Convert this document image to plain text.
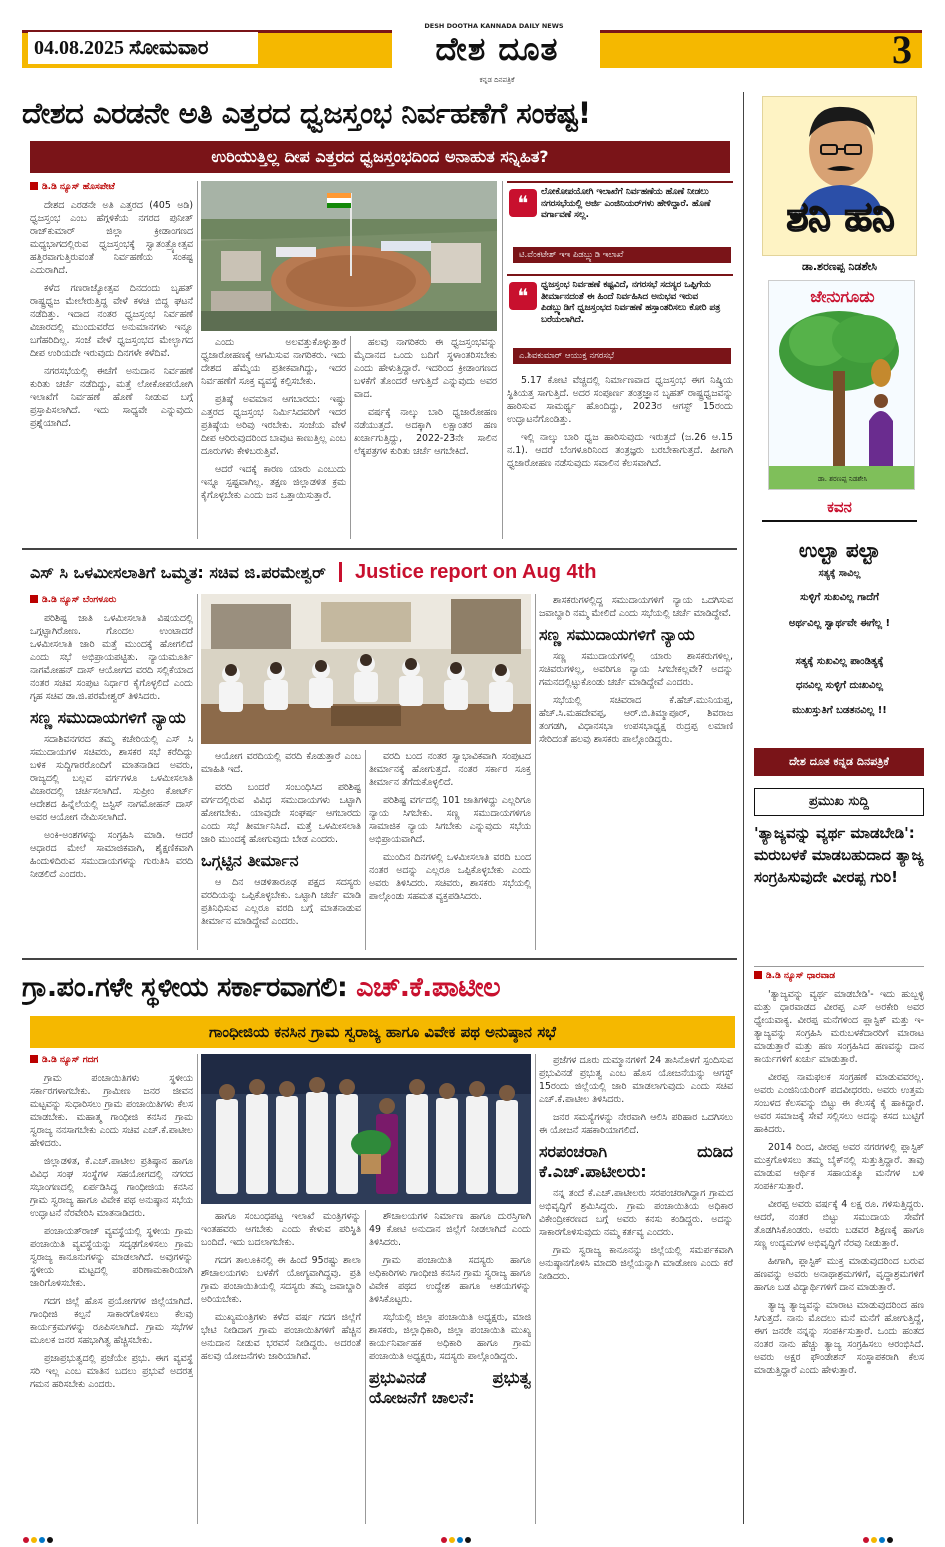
04.08.2025 ಸೋಮವಾರ
DESH DOOTHA KANNADA DAILY NEWS
ದೇಶ ದೂತ
ಕನ್ನಡ ದಿನಪತ್ರಿಕೆ
3
ದೇಶದ ಎರಡನೇ ಅತಿ ಎತ್ತರದ ಧ್ವಜಸ್ತಂಭ ನಿರ್ವಹಣೆಗೆ ಸಂಕಷ್ಟ!
ಉರಿಯುತ್ತಿಲ್ಲ ದೀಪ ಎತ್ತರದ ಧ್ವಜಸ್ತಂಭದಿಂದ ಅನಾಹುತ ಸನ್ನಿಹಿತ?

ಡಿ.ಡಿ ನ್ಯೂಸ್ ಹೊಸಪೇಟೆ

ದೇಶದ ಎರಡನೇ ಅತಿ ಎತ್ತರದ (405 ಅಡಿ) ಧ್ವಜಸ್ತಂಭ ಎಂಬ ಹೆಗ್ಗಳಿಕೆಯ ನಗರದ ಪುನೀತ್ ರಾಜ್‌ಕುಮಾರ್ ಜಿಲ್ಲಾ ಕ್ರೀಡಾಂಗಣದ ಮಧ್ಯಭಾಗದಲ್ಲಿರುವ ಧ್ವಜಸ್ತಂಭಕ್ಕೆ ಸ್ವಾತಂತ್ರ್ಯೋತ್ಸವ ಹತ್ತಿರವಾಗುತ್ತಿರುವಂತೆ ನಿರ್ವಹಣೆಯ ಸಂಕಷ್ಟ ಎದುರಾಗಿದೆ.

ಕಳೆದ ಗಣರಾಜ್ಯೋತ್ಸವ ದಿನದಂದು ಬೃಹತ್ ರಾಷ್ಟ್ರಧ್ವಜ ಮೇಲೇರುತ್ತಿದ್ದ ವೇಳೆ ಕಳಚಿ ಬಿದ್ದ ಘಟನೆ ನಡೆದಿತ್ತು. ಇದಾದ ನಂತರ ಧ್ವಜಸ್ತಂಭ ನಿರ್ವಹಣೆ ವಿಚಾರದಲ್ಲಿ ಮುಂದುವರೆದ ಅನುಮಾನಗಳು ಇನ್ನೂ ಬಗೆಹರಿದಿಲ್ಲ. ಸಂಜೆ ವೇಳೆ ಧ್ವಜಸ್ತಂಭದ ಮೇಲ್ಭಾಗದ ದೀಪ ಉರಿಯದೇ ಇರುವುದು ದಿನಗಳೇ ಕಳೆದಿವೆ.

ನಗರಸಭೆಯಲ್ಲಿ ಈಚೆಗೆ ಅನುದಾನ ನಿರ್ವಹಣೆ ಕುರಿತು ಚರ್ಚೆ ನಡೆದಿದ್ದು, ಮತ್ತೆ ಲೋಕೋಪಯೋಗಿ ಇಲಾಖೆಗೆ ನಿರ್ವಹಣೆ ಹೊಣೆ ನೀಡುವ ಬಗ್ಗೆ ಪ್ರಸ್ತಾಪಿಸಲಾಗಿದೆ. ಇದು ಸಾಧ್ಯವೇ ಎನ್ನುವುದು ಪ್ರಶ್ನೆಯಾಗಿದೆ.

ಎಂದು ಅಲವತ್ತುಕೊಳ್ಳುತ್ತಾರೆ ಧ್ವಜಾರೋಹಣಕ್ಕೆ ಆಗಮಿಸುವ ನಾಗರಿಕರು. ಇದು ದೇಶದ ಹೆಮ್ಮೆಯ ಪ್ರತೀಕವಾಗಿದ್ದು, ಇದರ ನಿರ್ವಹಣೆಗೆ ಸೂಕ್ತ ವ್ಯವಸ್ಥೆ ಕಲ್ಪಿಸಬೇಕು.

ಪ್ರತಿಷ್ಠೆ ಅವಮಾನ ಆಗಬಾರದು: ಇಷ್ಟು ಎತ್ತರದ ಧ್ವಜಸ್ತಂಭ ನಿರ್ಮಿಸಿದವರಿಗೆ ಇದರ ಪ್ರತಿಷ್ಠೆಯ ಅರಿವು ಇರಬೇಕು. ಸಂಜೆಯ ವೇಳೆ ದೀಪ ಆರಿರುವುದರಿಂದ ಬಾವುಟ ಕಾಣುತ್ತಿಲ್ಲ ಎಂಬ ದೂರುಗಳು ಕೇಳಿಬರುತ್ತಿವೆ.

ಆದರೆ ಇದಕ್ಕೆ ಕಾರಣ ಯಾರು ಎಂಬುದು ಇನ್ನೂ ಸ್ಪಷ್ಟವಾಗಿಲ್ಲ. ತಕ್ಷಣ ಜಿಲ್ಲಾಡಳಿತ ಕ್ರಮ ಕೈಗೊಳ್ಳಬೇಕು ಎಂದು ಜನ ಒತ್ತಾಯಿಸುತ್ತಾರೆ.

ಹಲವು ನಾಗರಿಕರು ಈ ಧ್ವಜಸ್ತಂಭವನ್ನು ಮೈದಾನದ ಒಂದು ಬದಿಗೆ ಸ್ಥಳಾಂತರಿಸಬೇಕು ಎಂದು ಹೇಳುತ್ತಿದ್ದಾರೆ. ಇದರಿಂದ ಕ್ರೀಡಾಂಗಣದ ಬಳಕೆಗೆ ತೊಂದರೆ ಆಗುತ್ತಿದೆ ಎನ್ನುವುದು ಅವರ ವಾದ.

ವರ್ಷಕ್ಕೆ ನಾಲ್ಕು ಬಾರಿ ಧ್ವಜಾರೋಹಣ ನಡೆಯುತ್ತದೆ. ಅದಕ್ಕಾಗಿ ಲಕ್ಷಾಂತರ ಹಣ ಖರ್ಚಾಗುತ್ತಿದ್ದು, 2022-23ನೇ ಸಾಲಿನ ಲೆಕ್ಕಪತ್ರಗಳ ಕುರಿತು ಚರ್ಚೆ ಆಗಬೇಕಿದೆ.

❝	ಲೋಕೋಪಯೋಗಿ ಇಲಾಖೆಗೆ ನಿರ್ವಹಣೆಯ ಹೊಣೆ ನೀಡಲು ನಗರಸಭೆಯಲ್ಲಿ ಅರ್ಜಿ ಎಂಜಿನಿಯರ್‌ಗಳು ಹೇಳಿದ್ದಾರೆ. ಹೊಣೆ ವರ್ಗಾವಣೆ ಸಲ್ಲ.
ಟಿ.ವೆಂಕಟೇಶ್ ಇಇ ಪಿಡಬ್ಲ್ಯುಡಿ ಇಲಾಖೆ
❝	ಧ್ವಜಸ್ತಂಭ ನಿರ್ವಹಣೆ ಕಷ್ಟವಿದೆ, ನಗರಸಭೆ ಸದಸ್ಯರ ಒಪ್ಪಿಗೆಯ ತೀರ್ಮಾನದಂತೆ ಈ ಹಿಂದೆ ನಿರ್ವಹಿಸಿದ ಅನುಭವ ಇರುವ ಪಿಡಬ್ಲ್ಯುಡಿಗೆ ಧ್ವಜಸ್ತಂಭದ ನಿರ್ವಹಣೆ ಹಸ್ತಾಂತರಿಸಲು ಕೋರಿ ಪತ್ರ ಬರೆಯಲಾಗಿದೆ.
ಎ.ಶಿವಕುಮಾರ್ ಆಯುಕ್ತ ನಗರಸಭೆ

5.17 ಕೋಟಿ ವೆಚ್ಚದಲ್ಲಿ ನಿರ್ಮಾಣವಾದ ಧ್ವಜಸ್ತಂಭ ಈಗ ನಿಷ್ಕ್ರಿಯ ಸ್ಥಿತಿಯತ್ತ ಸಾಗುತ್ತಿದೆ. ಅದರ ಸಂಪೂರ್ಣ ತಂತ್ರಜ್ಞಾನ ಬೃಹತ್ ರಾಷ್ಟ್ರಧ್ವಜವನ್ನು ಹಾರಿಸುವ ಸಾಮರ್ಥ್ಯ ಹೊಂದಿದ್ದು, 2023ರ ಆಗಸ್ಟ್ 15ರಂದು ಉದ್ಘಾಟನೆಗೊಂಡಿತ್ತು.

ಇಲ್ಲಿ ನಾಲ್ಕು ಬಾರಿ ಧ್ವಜ ಹಾರಿಸುವುದು ಇರುತ್ತದೆ (ಜ.26 ಆ.15 ನ.1). ಆದರೆ ಬೆಂಗಳೂರಿನಿಂದ ತಂತ್ರಜ್ಞರು ಬರಬೇಕಾಗುತ್ತದೆ. ಹೀಗಾಗಿ ಧ್ವಜಾರೋಹಣ ನಡೆಸುವುದು ಸವಾಲಿನ ಕೆಲಸವಾಗಿದೆ.

ಎಸ್ ಸಿ ಒಳಮೀಸಲಾತಿಗೆ ಒಮ್ಮತ: ಸಚಿವ ಜಿ.ಪರಮೇಶ್ವರ್ Justice report on Aug 4th

ಡಿ.ಡಿ ನ್ಯೂಸ್ ಬೆಂಗಳೂರು

ಪರಿಶಿಷ್ಟ ಜಾತಿ ಒಳಮೀಸಲಾತಿ ವಿಷಯದಲ್ಲಿ ಒಗ್ಗಟ್ಟಾಗಿರೋಣ. ಗೊಂದಲ ಉಂಟಾದರೆ ಒಳಮೀಸಲಾತಿ ಜಾರಿ ಮತ್ತೆ ಮುಂದಕ್ಕೆ ಹೋಗಲಿದೆ ಎಂದು ಸಭೆ ಅಭಿಪ್ರಾಯಪಟ್ಟಿತು. ನ್ಯಾಯಮೂರ್ತಿ ನಾಗಮೋಹನ್ ದಾಸ್ ಆಯೋಗದ ವರದಿ ಸಲ್ಲಿಕೆಯಾದ ನಂತರ ಸಚಿವ ಸಂಪುಟ ನಿರ್ಧಾರ ಕೈಗೊಳ್ಳಲಿದೆ ಎಂದು ಗೃಹ ಸಚಿವ ಡಾ.ಜಿ.ಪರಮೇಶ್ವರ್ ತಿಳಿಸಿದರು.

ಸಣ್ಣ ಸಮುದಾಯಗಳಿಗೆ ನ್ಯಾಯ

ಸದಾಶಿವನಗರದ ತಮ್ಮ ಕಚೇರಿಯಲ್ಲಿ ಎಸ್ ಸಿ ಸಮುದಾಯಗಳ ಸಚಿವರು, ಶಾಸಕರ ಸಭೆ ಕರೆದಿದ್ದು ಬಳಿಕ ಸುದ್ದಿಗಾರರೊಂದಿಗೆ ಮಾತನಾಡಿದ ಅವರು, ರಾಜ್ಯದಲ್ಲಿ ಬಲ್ಲವ ವರ್ಗಗಳೂ ಒಳಮೀಸಲಾತಿ ವಿಚಾರದಲ್ಲಿ ಚರ್ಚಿಸಲಾಗಿದೆ. ಸುಪ್ರೀಂ ಕೋರ್ಟ್ ಆದೇಶದ ಹಿನ್ನೆಲೆಯಲ್ಲಿ ಜಸ್ಟಿಸ್ ನಾಗಮೋಹನ್ ದಾಸ್ ಅವರ ಆಯೋಗ ನೇಮಿಸಲಾಗಿದೆ.

ಅಂಕಿ-ಅಂಶಗಳನ್ನು ಸಂಗ್ರಹಿಸಿ ಮಾಡಿ. ಆದರೆ ಆಧಾರದ ಮೇಲೆ ಸಾಮಾಜಿಕವಾಗಿ, ಶೈಕ್ಷಣಿಕವಾಗಿ ಹಿಂದುಳಿದಿರುವ ಸಮುದಾಯಗಳನ್ನು ಗುರುತಿಸಿ ವರದಿ ನೀಡಲಿದೆ ಎಂದರು.

ಆಯೋಗ ವರದಿಯಲ್ಲಿ ವರದಿ ಕೊಡುತ್ತಾರೆ ಎಂಬ ಮಾಹಿತಿ ಇದೆ.

ವರದಿ ಬಂದರೆ ಸಂಬಂಧಿಸಿದ ಪರಿಶಿಷ್ಟ ವರ್ಗದಲ್ಲಿರುವ ವಿವಿಧ ಸಮುದಾಯಗಳು ಒಟ್ಟಾಗಿ ಹೋಗಬೇಕು. ಯಾವುದೇ ಸಂಘರ್ಷ ಆಗಬಾರದು ಎಂದು ಸಭೆ ತೀರ್ಮಾನಿಸಿದೆ. ಮತ್ತೆ ಒಳಮೀಸಲಾತಿ ಜಾರಿ ಮುಂದಕ್ಕೆ ಹೋಗುವುದು ಬೇಡ ಎಂದರು.

ಒಗ್ಗಟ್ಟಿನ ತೀರ್ಮಾನ

ಆ ದಿನ ಆಡಳಿತಾರೂಢ ಪಕ್ಷದ ಸದಸ್ಯರು ವರದಿಯನ್ನು ಒಪ್ಪಿಕೊಳ್ಳಬೇಕು. ಒಟ್ಟಾಗಿ ಚರ್ಚೆ ಮಾಡಿ ಪ್ರತಿನಿಧಿಸುವ ಎಲ್ಲರೂ ವರದಿ ಬಗ್ಗೆ ಮಾತನಾಡುವ ತೀರ್ಮಾನ ಮಾಡಿದ್ದೇವೆ ಎಂದರು.

ವರದಿ ಬಂದ ನಂತರ ಸ್ವಾಭಾವಿಕವಾಗಿ ಸಂಪುಟದ ತೀರ್ಮಾನಕ್ಕೆ ಹೋಗುತ್ತದೆ. ನಂತರ ಸರ್ಕಾರ ಸೂಕ್ತ ತೀರ್ಮಾನ ತೆಗೆದುಕೊಳ್ಳಲಿದೆ.

ಪರಿಶಿಷ್ಟ ವರ್ಗದಲ್ಲಿ 101 ಜಾತಿಗಳಿದ್ದು ಎಲ್ಲರಿಗೂ ನ್ಯಾಯ ಸಿಗಬೇಕು. ಸಣ್ಣ ಸಮುದಾಯಗಳಿಗೂ ಸಾಮಾಜಿಕ ನ್ಯಾಯ ಸಿಗಬೇಕು ಎನ್ನುವುದು ಸಭೆಯ ಅಭಿಪ್ರಾಯವಾಗಿದೆ.

ಮುಂದಿನ ದಿನಗಳಲ್ಲಿ ಒಳಮೀಸಲಾತಿ ವರದಿ ಬಂದ ನಂತರ ಅದನ್ನು ಎಲ್ಲರೂ ಒಪ್ಪಿಕೊಳ್ಳಬೇಕು ಎಂದು ಅವರು ತಿಳಿಸಿದರು. ಸಚಿವರು, ಶಾಸಕರು ಸಭೆಯಲ್ಲಿ ಪಾಲ್ಗೊಂಡು ಸಹಮತ ವ್ಯಕ್ತಪಡಿಸಿದರು.

ಶಾಸಕರುಗಳಲ್ಲಿದ್ದ ಸಮುದಾಯಗಳಿಗೆ ನ್ಯಾಯ ಒದಗಿಸುವ ಜವಾಬ್ದಾರಿ ನಮ್ಮ ಮೇಲಿದೆ ಎಂದು ಸಭೆಯಲ್ಲಿ ಚರ್ಚೆ ಮಾಡಿದ್ದೇವೆ.

ಸಣ್ಣ ಸಮುದಾಯಗಳಿಗೆ ನ್ಯಾಯ

ಸಣ್ಣ ಸಮುದಾಯಗಳಲ್ಲಿ ಯಾರು ಶಾಸಕರುಗಳಿಲ್ಲ, ಸಚಿವರುಗಳಿಲ್ಲ, ಅವರಿಗೂ ನ್ಯಾಯ ಸಿಗಬೇಕಲ್ಲವೇ? ಅದನ್ನು ಗಮನದಲ್ಲಿಟ್ಟುಕೊಂಡು ಚರ್ಚೆ ಮಾಡಿದ್ದೇವೆ ಎಂದರು.

ಸಭೆಯಲ್ಲಿ ಸಚಿವರಾದ ಕೆ.ಹೆಚ್.ಮುನಿಯಪ್ಪ, ಹೆಚ್.ಸಿ.ಮಹದೇವಪ್ಪ, ಆರ್.ಬಿ.ತಿಮ್ಮಾಪೂರ್, ಶಿವರಾಜ ತಂಗಡಗಿ, ವಿಧಾನಸಭಾ ಉಪಸಭಾಧ್ಯಕ್ಷ ರುದ್ರಪ್ಪ ಲಮಾಣಿ ಸೇರಿದಂತೆ ಹಲವು ಶಾಸಕರು ಪಾಲ್ಗೊಂಡಿದ್ದರು.

ಗ್ರಾ.ಪಂ.ಗಳೇ ಸ್ಥಳೀಯ ಸರ್ಕಾರವಾಗಲಿ: ಎಚ್.ಕೆ.ಪಾಟೀಲ
ಗಾಂಧೀಜಿಯ ಕನಸಿನ ಗ್ರಾಮ ಸ್ವರಾಜ್ಯ ಹಾಗೂ ವಿವೇಕ ಪಥ ಅನುಷ್ಠಾನ ಸಭೆ

ಡಿ.ಡಿ ನ್ಯೂಸ್ ಗದಗ

ಗ್ರಾಮ ಪಂಚಾಯಿತಿಗಳು ಸ್ಥಳೀಯ ಸರ್ಕಾರಗಳಾಗಬೇಕು. ಗ್ರಾಮೀಣ ಜನರ ಜೀವನ ಮಟ್ಟವನ್ನು ಸುಧಾರಿಸಲು ಗ್ರಾಮ ಪಂಚಾಯಿತಿಗಳು ಕೆಲಸ ಮಾಡಬೇಕು. ಮಹಾತ್ಮ ಗಾಂಧೀಜಿ ಕನಸಿನ ಗ್ರಾಮ ಸ್ವರಾಜ್ಯ ನನಸಾಗಬೇಕು ಎಂದು ಸಚಿವ ಎಚ್.ಕೆ.ಪಾಟೀಲ ಹೇಳಿದರು.

ಜಿಲ್ಲಾಡಳಿತ, ಕೆ.ಎಚ್.ಪಾಟೀಲ ಪ್ರತಿಷ್ಠಾನ ಹಾಗೂ ವಿವಿಧ ಸಂಘ ಸಂಸ್ಥೆಗಳ ಸಹಯೋಗದಲ್ಲಿ ನಗರದ ಸಭಾಂಗಣದಲ್ಲಿ ಏರ್ಪಡಿಸಿದ್ದ ಗಾಂಧೀಜಿಯ ಕನಸಿನ ಗ್ರಾಮ ಸ್ವರಾಜ್ಯ ಹಾಗೂ ವಿವೇಕ ಪಥ ಅನುಷ್ಠಾನ ಸಭೆಯ ಉದ್ಘಾಟನೆ ನೆರವೇರಿಸಿ ಮಾತನಾಡಿದರು.

ಪಂಚಾಯತ್‌ರಾಜ್ ವ್ಯವಸ್ಥೆಯಲ್ಲಿ ಸ್ಥಳೀಯ ಗ್ರಾಮ ಪಂಚಾಯಿತಿ ವ್ಯವಸ್ಥೆಯನ್ನು ಸದೃಢಗೊಳಿಸಲು ಗ್ರಾಮ ಸ್ವರಾಜ್ಯ ಕಾನೂನುಗಳನ್ನು ಮಾಡಲಾಗಿದೆ. ಅವುಗಳನ್ನು ಸ್ಥಳೀಯ ಮಟ್ಟದಲ್ಲಿ ಪರಿಣಾಮಕಾರಿಯಾಗಿ ಜಾರಿಗೊಳಿಸಬೇಕು.

ಗದಗ ಜಿಲ್ಲೆ ಹೊಸ ಪ್ರಯೋಗಗಳ ಜಿಲ್ಲೆಯಾಗಿದೆ. ಗಾಂಧೀಜಿ ಕಲ್ಪನೆ ಸಾಕಾರಗೊಳಿಸಲು ಕೆಲವು ಕಾರ್ಯಕ್ರಮಗಳನ್ನು ರೂಪಿಸಲಾಗಿದೆ. ಗ್ರಾಮ ಸಭೆಗಳ ಮೂಲಕ ಜನರ ಸಹಭಾಗಿತ್ವ ಹೆಚ್ಚಿಸಬೇಕು.

ಪ್ರಜಾಪ್ರಭುತ್ವದಲ್ಲಿ ಪ್ರಜೆಯೇ ಪ್ರಭು. ಈಗ ವ್ಯವಸ್ಥೆ ಸರಿ ಇಲ್ಲ ಎಂಬ ಮಾತಿನ ಬದಲು ಪ್ರಭುವೆ ಅದರತ್ತ ಗಮನ ಹರಿಸಬೇಕು ಎಂದರು.

ಹಾಗೂ ಸಂಬಂಧಪಟ್ಟ ಇಲಾಖೆ ಮಂತ್ರಿಗಳನ್ನು ಇಂತಹವರು ಆಗಬೇಕು ಎಂದು ಕೇಳುವ ಪರಿಸ್ಥಿತಿ ಬಂದಿದೆ. ಇದು ಬದಲಾಗಬೇಕು.

ಗದಗ ತಾಲೂಕಿನಲ್ಲಿ ಈ ಹಿಂದೆ 95ರಷ್ಟು ಶಾಲಾ ಶೌಚಾಲಯಗಳು ಬಳಕೆಗೆ ಯೋಗ್ಯವಾಗಿದ್ದವು. ಪ್ರತಿ ಗ್ರಾಮ ಪಂಚಾಯಿತಿಯಲ್ಲಿ ಸದಸ್ಯರು ತಮ್ಮ ಜವಾಬ್ದಾರಿ ಅರಿಯಬೇಕು.

ಮುಖ್ಯಮಂತ್ರಿಗಳು ಕಳೆದ ವರ್ಷ ಗದಗ ಜಿಲ್ಲೆಗೆ ಭೇಟಿ ನೀಡಿದಾಗ ಗ್ರಾಮ ಪಂಚಾಯಿತಿಗಳಿಗೆ ಹೆಚ್ಚಿನ ಅನುದಾನ ನೀಡುವ ಭರವಸೆ ನೀಡಿದ್ದರು. ಅದರಂತೆ ಹಲವು ಯೋಜನೆಗಳು ಜಾರಿಯಾಗಿವೆ.

ಶೌಚಾಲಯಗಳ ನಿರ್ಮಾಣ ಹಾಗೂ ದುರಸ್ತಿಗಾಗಿ 49 ಕೋಟಿ ಅನುದಾನ ಜಿಲ್ಲೆಗೆ ನೀಡಲಾಗಿದೆ ಎಂದು ತಿಳಿಸಿದರು.

ಗ್ರಾಮ ಪಂಚಾಯಿತಿ ಸದಸ್ಯರು ಹಾಗೂ ಅಧಿಕಾರಿಗಳು ಗಾಂಧೀಜಿ ಕನಸಿನ ಗ್ರಾಮ ಸ್ವರಾಜ್ಯ ಹಾಗೂ ವಿವೇಕ ಪಥದ ಉದ್ದೇಶ ಹಾಗೂ ಆಶಯಗಳನ್ನು ತಿಳಿಸಿಕೊಟ್ಟರು.

ಸಭೆಯಲ್ಲಿ ಜಿಲ್ಲಾ ಪಂಚಾಯಿತಿ ಅಧ್ಯಕ್ಷರು, ಮಾಜಿ ಶಾಸಕರು, ಜಿಲ್ಲಾಧಿಕಾರಿ, ಜಿಲ್ಲಾ ಪಂಚಾಯಿತಿ ಮುಖ್ಯ ಕಾರ್ಯನಿರ್ವಾಹಕ ಅಧಿಕಾರಿ ಹಾಗೂ ಗ್ರಾಮ ಪಂಚಾಯಿತಿ ಅಧ್ಯಕ್ಷರು, ಸದಸ್ಯರು ಪಾಲ್ಗೊಂಡಿದ್ದರು.

ಪ್ರಭುವಿನಡೆ ಪ್ರಭುತ್ವ ಯೋಜನೆಗೆ ಚಾಲನೆ:

ಪ್ರಜೆಗಳ ದೂರು ದುಮ್ಮಾನಗಳಿಗೆ 24 ತಾಸಿನೊಳಗೆ ಸ್ಪಂದಿಸುವ ಪ್ರಭುವಿನಡೆ ಪ್ರಭುತ್ವ ಎಂಬ ಹೊಸ ಯೋಜನೆಯನ್ನು ಆಗಸ್ಟ್ 15ರಂದು ಜಿಲ್ಲೆಯಲ್ಲಿ ಜಾರಿ ಮಾಡಲಾಗುವುದು ಎಂದು ಸಚಿವ ಎಚ್.ಕೆ.ಪಾಟೀಲ ತಿಳಿಸಿದರು.

ಜನರ ಸಮಸ್ಯೆಗಳನ್ನು ನೇರವಾಗಿ ಆಲಿಸಿ ಪರಿಹಾರ ಒದಗಿಸಲು ಈ ಯೋಜನೆ ಸಹಕಾರಿಯಾಗಲಿದೆ.

ಸರಪಂಚರಾಗಿ ದುಡಿದ ಕೆ.ಎಚ್.ಪಾಟೀಲರು:

ನನ್ನ ತಂದೆ ಕೆ.ಎಚ್.ಪಾಟೀಲರು ಸರಪಂಚರಾಗಿದ್ದಾಗ ಗ್ರಾಮದ ಅಭಿವೃದ್ಧಿಗೆ ಶ್ರಮಿಸಿದ್ದರು. ಗ್ರಾಮ ಪಂಚಾಯಿತಿಯ ಅಧಿಕಾರ ವಿಕೇಂದ್ರೀಕರಣದ ಬಗ್ಗೆ ಅವರು ಕನಸು ಕಂಡಿದ್ದರು. ಅದನ್ನು ಸಾಕಾರಗೊಳಿಸುವುದು ನಮ್ಮ ಕರ್ತವ್ಯ ಎಂದರು.

ಗ್ರಾಮ ಸ್ವರಾಜ್ಯ ಕಾನೂನನ್ನು ಜಿಲ್ಲೆಯಲ್ಲಿ ಸಮರ್ಪಕವಾಗಿ ಅನುಷ್ಠಾನಗೊಳಿಸಿ ಮಾದರಿ ಜಿಲ್ಲೆಯನ್ನಾಗಿ ಮಾಡೋಣ ಎಂದು ಕರೆ ನೀಡಿದರು.

ಶನಿ ಹನಿ
ಡಾ.ಶರಣಪ್ಪ ನಿಡಶೇಸಿ
ಜೇನುಗೂಡು
ಡಾ. ಶರಣಪ್ಪ ನಿಡಶೇಸಿ
ಕವನ
ಉಲ್ಟಾ ಪಲ್ಟಾ
ಸತ್ಯಕ್ಕೆ ಸಾವಿಲ್ಲ
ಸುಳ್ಳಿಗೆ ಸುಖವಿಲ್ಲ ಗಾದೆಗೆ
ಅರ್ಥವಿಲ್ಲ ಸ್ವಾರ್ಥವೇ ಈಗೆಲ್ಲ !
ಸತ್ಯಕ್ಕೆ ಸುಖವಿಲ್ಲ ಪಾಂಡಿತ್ಯಕ್ಕೆ
ಧನವಿಲ್ಲ ಸುಳ್ಳಿಗೆ ದುಃಖವಿಲ್ಲ
ಮುಖಸ್ತುತಿಗೆ ಬಡತನವಿಲ್ಲ !!
ದೇಶ ದೂತ ಕನ್ನಡ ದಿನಪತ್ರಿಕೆ
ಪ್ರಮುಖ ಸುದ್ದಿ
'ತ್ಯಾಜ್ಯವನ್ನು ವ್ಯರ್ಥ ಮಾಡಬೇಡಿ': ಮರುಬಳಕೆ ಮಾಡಬಹುದಾದ ತ್ಯಾಜ್ಯ ಸಂಗ್ರಹಿಸುವುದೇ ವೀರಪ್ಪ ಗುರಿ!

ಡಿ.ಡಿ ನ್ಯೂಸ್ ಧಾರವಾಡ

'ತ್ಯಾಜ್ಯವನ್ನು ವ್ಯರ್ಥ ಮಾಡಬೇಡಿ'- ಇದು ಹುಬ್ಬಳ್ಳಿ ಮತ್ತು ಧಾರವಾಡದ ವೀರಪ್ಪ ಎಸ್ ಅರಕೇರಿ ಅವರ ಧ್ಯೇಯವಾಕ್ಯ. ವೀರಪ್ಪ ಮನೆಗಳಿಂದ ಪ್ಲಾಸ್ಟಿಕ್ ಮತ್ತು ಇ-ತ್ಯಾಜ್ಯವನ್ನು ಸಂಗ್ರಹಿಸಿ ಮರುಬಳಕೆದಾರರಿಗೆ ಮಾರಾಟ ಮಾಡುತ್ತಾರೆ ಮತ್ತು ಹಣ ಸಂಗ್ರಹಿಸಿದ ಹಣವನ್ನು ದಾನ ಕಾರ್ಯಗಳಿಗೆ ಖರ್ಚು ಮಾಡುತ್ತಾರೆ.

ವೀರಪ್ಪ ನಾಮಫಲಕ ಸಂಗ್ರಹಣೆ ಮಾಡುವವರಲ್ಲ. ಅವರು ಎಂಜಿನಿಯರಿಂಗ್ ಪದವೀಧರರು. ಅವರು ಉತ್ತಮ ಸಂಬಳದ ಕೆಲಸವನ್ನು ಬಿಟ್ಟು ಈ ಕೆಲಸಕ್ಕೆ ಕೈ ಹಾಕಿದ್ದಾರೆ. ಅವರ ಸಮಾಜಕ್ಕೆ ಸೇವೆ ಸಲ್ಲಿಸಲು ಅದನ್ನು ಕಸದ ಬುಟ್ಟಿಗೆ ಹಾಕಿದರು.

2014 ರಿಂದ, ವೀರಪ್ಪ ಅವರ ನಗರಗಳಲ್ಲಿ ಪ್ಲಾಸ್ಟಿಕ್ ಮುಕ್ತಗೊಳಿಸಲು ತಮ್ಮ ಬೈಕ್‌ನಲ್ಲಿ ಸುತ್ತುತ್ತಿದ್ದಾರೆ. ತಾವು ಮಾಡುವ ಆರ್ಥಿಕ ಸಹಾಯಕ್ಕೂ ಮನೆಗಳ ಬಳಿ ಸಂಪರ್ಕಿಸುತ್ತಾರೆ.

ವೀರಪ್ಪ ಅವರು ವರ್ಷಕ್ಕೆ 4 ಲಕ್ಷ ರೂ. ಗಳಿಸುತ್ತಿದ್ದರು. ಆದರೆ, ನಂತರ ಬಿಟ್ಟು ಸಮುದಾಯ ಸೇವೆಗೆ ತೊಡಗಿಸಿಕೊಂಡರು. ಅವರು ಬಡವರ ಶಿಕ್ಷಣಕ್ಕೆ ಹಾಗೂ ಸಣ್ಣ ಉದ್ಯಮಗಳ ಅಭಿವೃದ್ಧಿಗೆ ನೆರವು ನೀಡುತ್ತಾರೆ.

ಹೀಗಾಗಿ, ಪ್ಲಾಸ್ಟಿಕ್ ಮುಕ್ತ ಮಾಡುವುದರಿಂದ ಬರುವ ಹಣವನ್ನು ಅವರು ಅನಾಥಾಶ್ರಮಗಳಿಗೆ, ವೃದ್ಧಾಶ್ರಮಗಳಿಗೆ ಹಾಗೂ ಬಡ ವಿದ್ಯಾರ್ಥಿಗಳಿಗೆ ದಾನ ಮಾಡುತ್ತಾರೆ.

ತ್ಯಾಜ್ಯ ತ್ಯಾಜ್ಯವನ್ನು ಮಾರಾಟ ಮಾಡುವುದರಿಂದ ಹಣ ಸಿಗುತ್ತದೆ. ನಾನು ಮೊದಲು ಮನೆ ಮನೆಗೆ ಹೋಗುತ್ತಿದ್ದೆ, ಈಗ ಜನರೇ ನನ್ನನ್ನು ಸಂಪರ್ಕಿಸುತ್ತಾರೆ. ಒಂದು ಹಂತದ ನಂತರ ನಾನು ಹೆಚ್ಚು ತ್ಯಾಜ್ಯ ಸಂಗ್ರಹಿಸಲು ಆರಂಭಿಸಿದೆ. ಅವರು ಅಕ್ಷರ ಫೌಂಡೇಶನ್ ಸಂಸ್ಥಾಪಕರಾಗಿ ಕೆಲಸ ಮಾಡುತ್ತಿದ್ದಾರೆ ಎಂದು ಹೇಳುತ್ತಾರೆ.
